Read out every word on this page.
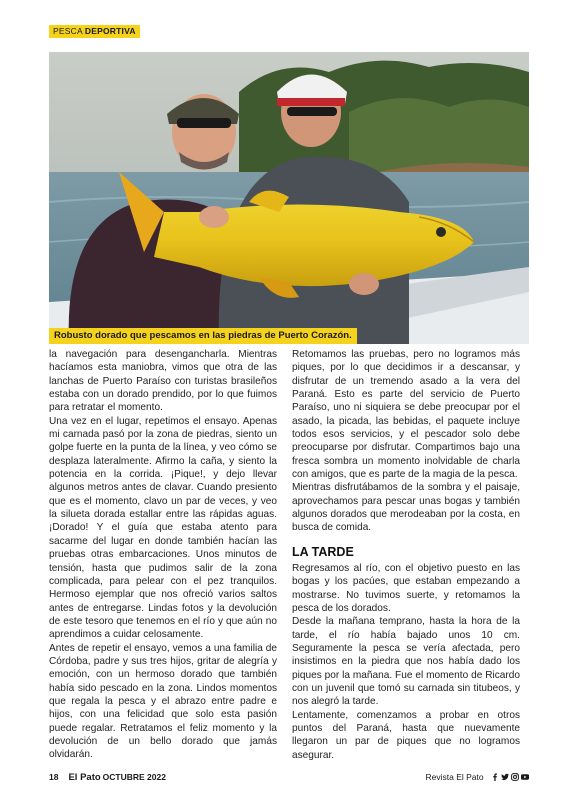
PESCA DEPORTIVA
Robusto dorado que pescamos en las piedras de Puerto Corazón.

la navegación para desengancharla. Mientras hacíamos esta maniobra, vimos que otra de las lanchas de Puerto Paraíso con turistas brasileños estaba con un dorado prendido, por lo que fuimos para retratar el momento.

Una vez en el lugar, repetimos el ensayo. Apenas mi carnada pasó por la zona de piedras, siento un golpe fuerte en la punta de la línea, y veo cómo se desplaza lateralmente. Afirmo la caña, y siento la potencia en la corrida. ¡Pique!, y dejo llevar algunos metros antes de clavar. Cuando presiento que es el momento, clavo un par de veces, y veo la silueta dorada estallar entre las rápidas aguas. ¡Dorado! Y el guía que estaba atento para sacarme del lugar en donde también hacían las pruebas otras embarcaciones. Unos minutos de tensión, hasta que pudimos salir de la zona complicada, para pelear con el pez tranquilos. Hermoso ejemplar que nos ofreció varios saltos antes de entregarse. Lindas fotos y la devolución de este tesoro que tenemos en el río y que aún no aprendimos a cuidar celosamente.

Antes de repetir el ensayo, vemos a una familia de Córdoba, padre y sus tres hijos, gritar de alegría y emoción, con un hermoso dorado que también había sido pescado en la zona. Lindos momentos que regala la pesca y el abrazo entre padre e hijos, con una felicidad que solo esta pasión puede regalar. Retratamos el feliz momento y la devolución de un bello dorado que jamás olvidarán.

Retomamos las pruebas, pero no logramos más piques, por lo que decidimos ir a descansar, y disfrutar de un tremendo asado a la vera del Paraná. Esto es parte del servicio de Puerto Paraíso, uno ni siquiera se debe preocupar por el asado, la picada, las bebidas, el paquete incluye todos esos servicios, y el pescador solo debe preocuparse por disfrutar. Compartimos bajo una fresca sombra un momento inolvidable de charla con amigos, que es parte de la magia de la pesca.

Mientras disfrutábamos de la sombra y el paisaje, aprovechamos para pescar unas bogas y también algunos dorados que merodeaban por la costa, en busca de comida.

LA TARDE

Regresamos al río, con el objetivo puesto en las bogas y los pacúes, que estaban empezando a mostrarse. No tuvimos suerte, y retomamos la pesca de los dorados.

Desde la mañana temprano, hasta la hora de la tarde, el río había bajado unos 10 cm. Seguramente la pesca se vería afectada, pero insistimos en la piedra que nos había dado los piques por la mañana. Fue el momento de Ricardo con un juvenil que tomó su carnada sin titubeos, y nos alegró la tarde.

Lentamente, comenzamos a probar en otros puntos del Paraná, hasta que nuevamente llegaron un par de piques que no logramos asegurar.

18 El Pato OCTUBRE 2022	Revista El Pato
